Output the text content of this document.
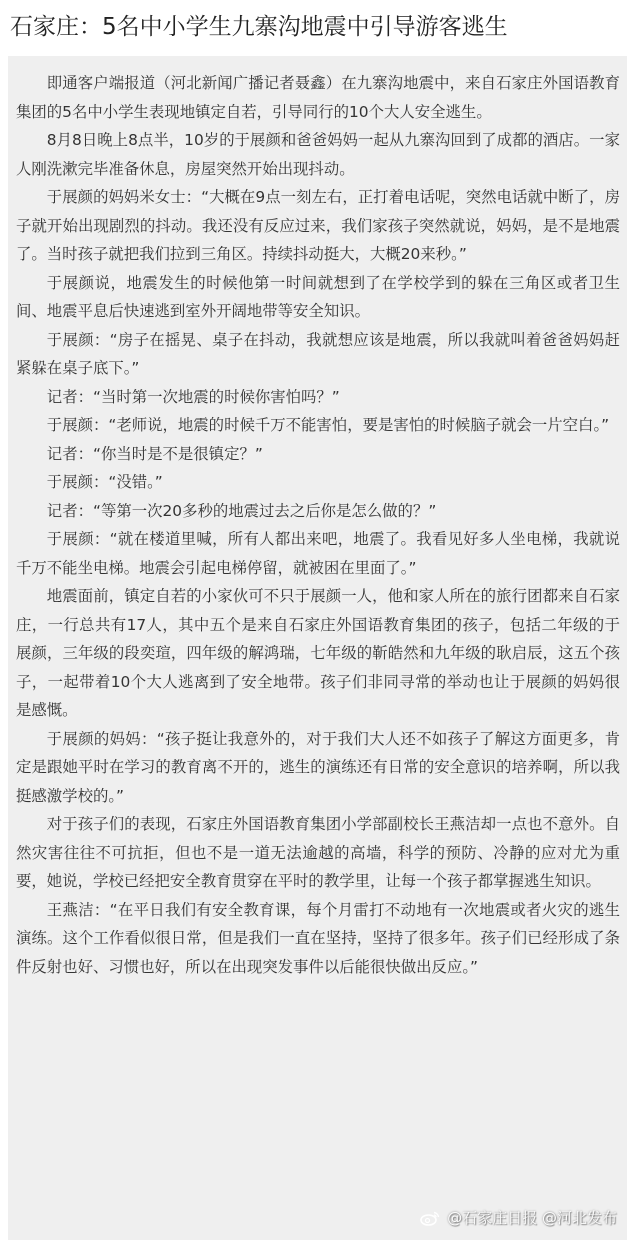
石家庄：5名中小学生九寨沟地震中引导游客逃生

即通客户端报道（河北新闻广播记者聂鑫）在九寨沟地震中，来自石家庄外国语教育集团的5名中小学生表现地镇定自若，引导同行的10个大人安全逃生。

8月8日晚上8点半，10岁的于展颜和爸爸妈妈一起从九寨沟回到了成都的酒店。一家人刚洗漱完毕准备休息，房屋突然开始出现抖动。

于展颜的妈妈米女士：“大概在9点一刻左右，正打着电话呢，突然电话就中断了，房子就开始出现剧烈的抖动。我还没有反应过来，我们家孩子突然就说，妈妈，是不是地震了。当时孩子就把我们拉到三角区。持续抖动挺大，大概20来秒。”

于展颜说，地震发生的时候他第一时间就想到了在学校学到的躲在三角区或者卫生间、地震平息后快速逃到室外开阔地带等安全知识。

于展颜：“房子在摇晃、桌子在抖动，我就想应该是地震，所以我就叫着爸爸妈妈赶紧躲在桌子底下。”

记者：“当时第一次地震的时候你害怕吗？”

于展颜：“老师说，地震的时候千万不能害怕，要是害怕的时候脑子就会一片空白。”

记者：“你当时是不是很镇定？”

于展颜：“没错。”

记者：“等第一次20多秒的地震过去之后你是怎么做的？”

于展颜：“就在楼道里喊，所有人都出来吧，地震了。我看见好多人坐电梯，我就说千万不能坐电梯。地震会引起电梯停留，就被困在里面了。”

地震面前，镇定自若的小家伙可不只于展颜一人，他和家人所在的旅行团都来自石家庄，一行总共有17人，其中五个是来自石家庄外国语教育集团的孩子，包括二年级的于展颜，三年级的段奕瑄，四年级的解鸿瑞，七年级的靳皓然和九年级的耿启辰，这五个孩子，一起带着10个大人逃离到了安全地带。孩子们非同寻常的举动也让于展颜的妈妈很是感慨。

于展颜的妈妈：“孩子挺让我意外的，对于我们大人还不如孩子了解这方面更多，肯定是跟她平时在学习的教育离不开的，逃生的演练还有日常的安全意识的培养啊，所以我挺感激学校的。”

对于孩子们的表现，石家庄外国语教育集团小学部副校长王燕洁却一点也不意外。自然灾害往往不可抗拒，但也不是一道无法逾越的高墙，科学的预防、冷静的应对尤为重要，她说，学校已经把安全教育贯穿在平时的教学里，让每一个孩子都掌握逃生知识。

王燕洁：“在平日我们有安全教育课，每个月雷打不动地有一次地震或者火灾的逃生演练。这个工作看似很日常，但是我们一直在坚持，坚持了很多年。孩子们已经形成了条件反射也好、习惯也好，所以在出现突发事件以后能很快做出反应。”

@石家庄日报 @河北发布
